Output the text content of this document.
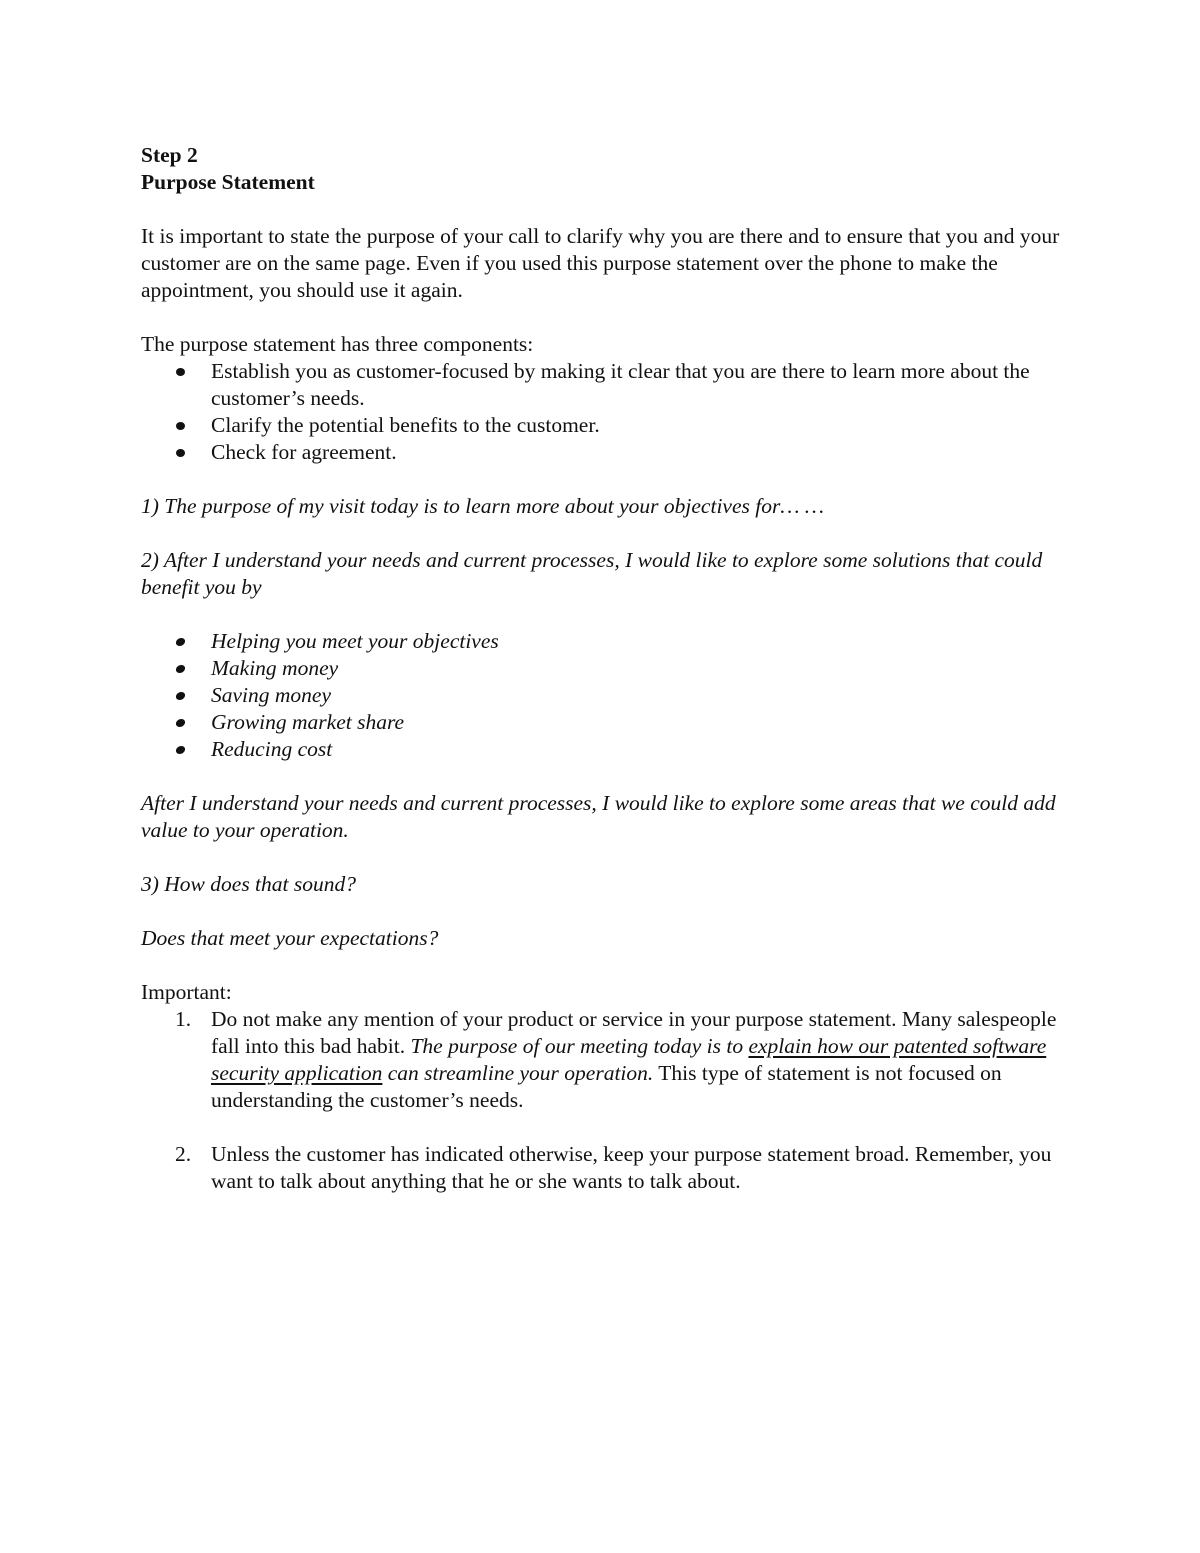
Step 2
Purpose Statement

It is important to state the purpose of your call to clarify why you are there and to ensure that you and your customer are on the same page. Even if you used this purpose statement over the phone to make the appointment, you should use it again.

The purpose statement has three components:

Establish you as customer-focused by making it clear that you are there to learn more about the customer’s needs.
Clarify the potential benefits to the customer.
Check for agreement.

1) The purpose of my visit today is to learn more about your objectives for… …

2) After I understand your needs and current processes, I would like to explore some solutions that could benefit you by

Helping you meet your objectives
Making money
Saving money
Growing market share
Reducing cost

After I understand your needs and current processes, I would like to explore some areas that we could add value to your operation.

3) How does that sound?

Does that meet your expectations?

Important:

1. Do not make any mention of your product or service in your purpose statement. Many salespeople fall into this bad habit. The purpose of our meeting today is to explain how our patented software security application can streamline your operation. This type of statement is not focused on understanding the customer’s needs.
2. Unless the customer has indicated otherwise, keep your purpose statement broad. Remember, you want to talk about anything that he or she wants to talk about.
